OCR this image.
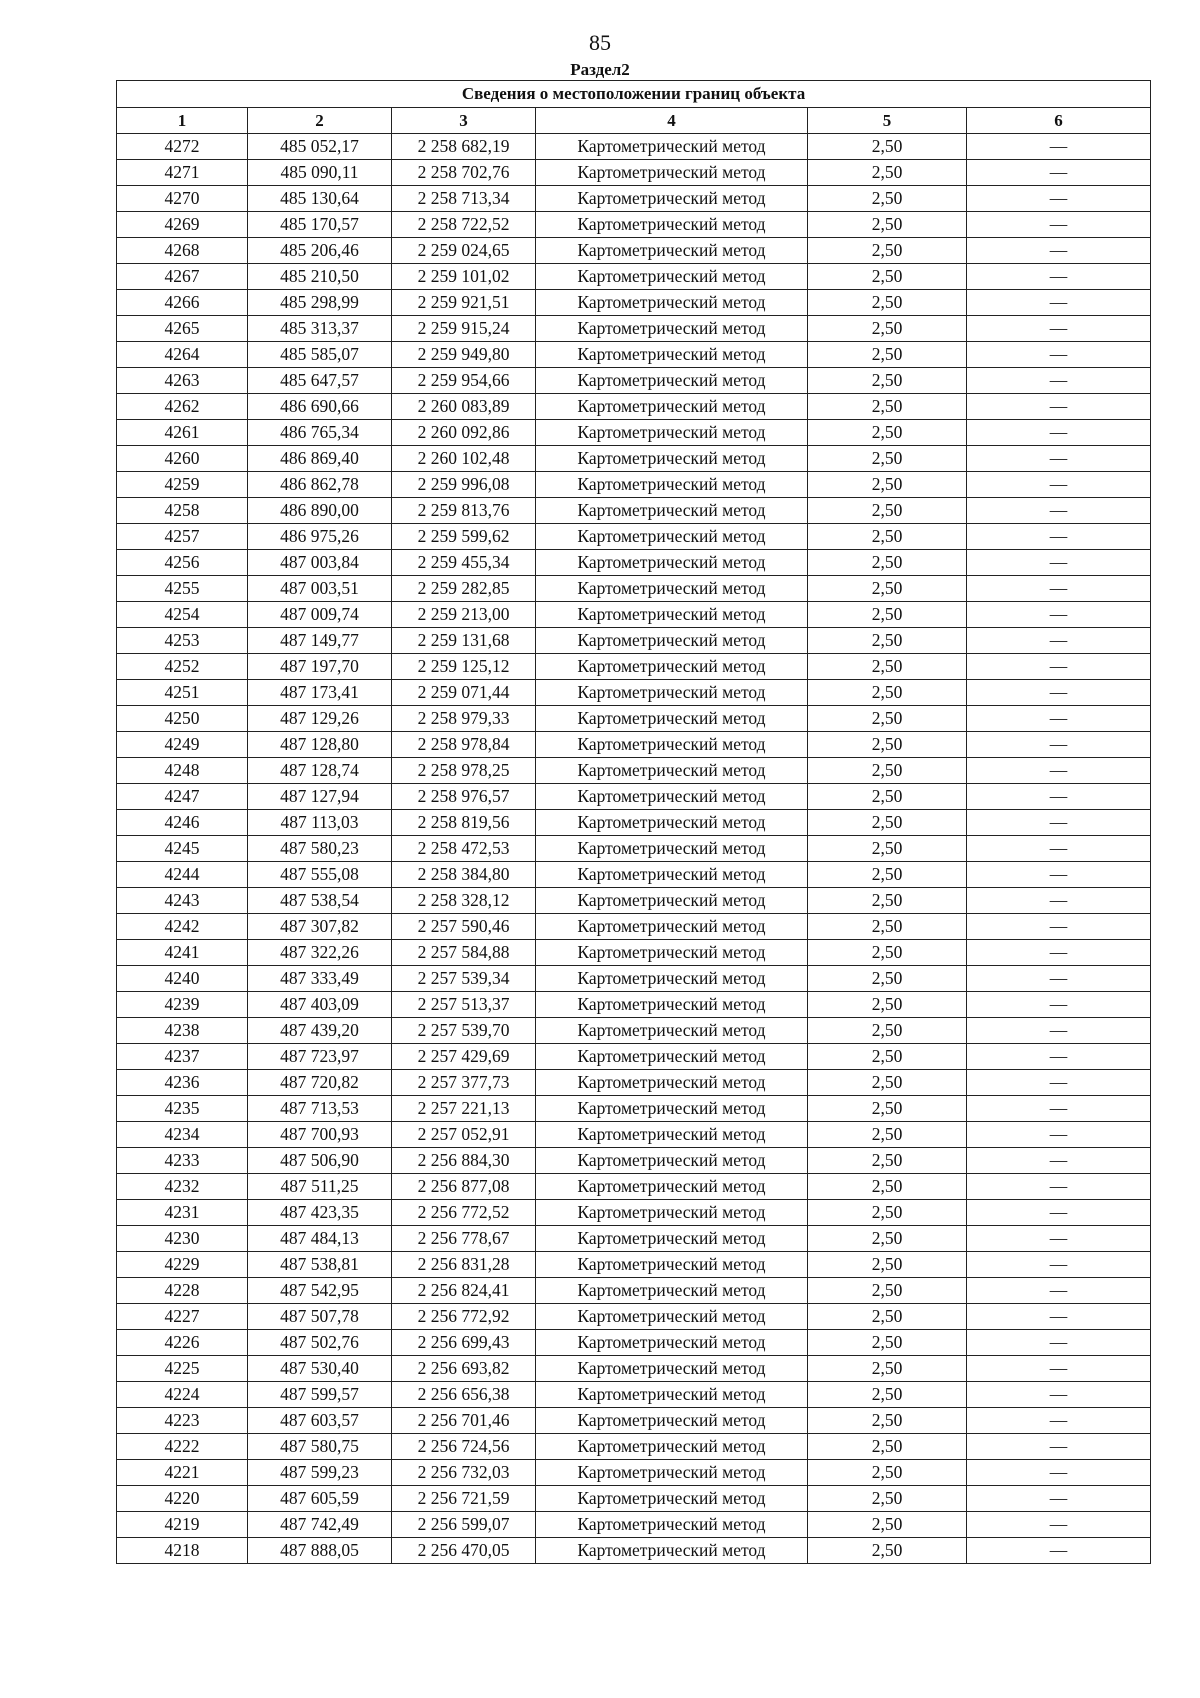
85
Раздел2
Сведения о местоположении границ объекта					
1	2	3	4	5	6
4272	485 052,17	2 258 682,19	Картометрический метод	2,50	—
4271	485 090,11	2 258 702,76	Картометрический метод	2,50	—
4270	485 130,64	2 258 713,34	Картометрический метод	2,50	—
4269	485 170,57	2 258 722,52	Картометрический метод	2,50	—
4268	485 206,46	2 259 024,65	Картометрический метод	2,50	—
4267	485 210,50	2 259 101,02	Картометрический метод	2,50	—
4266	485 298,99	2 259 921,51	Картометрический метод	2,50	—
4265	485 313,37	2 259 915,24	Картометрический метод	2,50	—
4264	485 585,07	2 259 949,80	Картометрический метод	2,50	—
4263	485 647,57	2 259 954,66	Картометрический метод	2,50	—
4262	486 690,66	2 260 083,89	Картометрический метод	2,50	—
4261	486 765,34	2 260 092,86	Картометрический метод	2,50	—
4260	486 869,40	2 260 102,48	Картометрический метод	2,50	—
4259	486 862,78	2 259 996,08	Картометрический метод	2,50	—
4258	486 890,00	2 259 813,76	Картометрический метод	2,50	—
4257	486 975,26	2 259 599,62	Картометрический метод	2,50	—
4256	487 003,84	2 259 455,34	Картометрический метод	2,50	—
4255	487 003,51	2 259 282,85	Картометрический метод	2,50	—
4254	487 009,74	2 259 213,00	Картометрический метод	2,50	—
4253	487 149,77	2 259 131,68	Картометрический метод	2,50	—
4252	487 197,70	2 259 125,12	Картометрический метод	2,50	—
4251	487 173,41	2 259 071,44	Картометрический метод	2,50	—
4250	487 129,26	2 258 979,33	Картометрический метод	2,50	—
4249	487 128,80	2 258 978,84	Картометрический метод	2,50	—
4248	487 128,74	2 258 978,25	Картометрический метод	2,50	—
4247	487 127,94	2 258 976,57	Картометрический метод	2,50	—
4246	487 113,03	2 258 819,56	Картометрический метод	2,50	—
4245	487 580,23	2 258 472,53	Картометрический метод	2,50	—
4244	487 555,08	2 258 384,80	Картометрический метод	2,50	—
4243	487 538,54	2 258 328,12	Картометрический метод	2,50	—
4242	487 307,82	2 257 590,46	Картометрический метод	2,50	—
4241	487 322,26	2 257 584,88	Картометрический метод	2,50	—
4240	487 333,49	2 257 539,34	Картометрический метод	2,50	—
4239	487 403,09	2 257 513,37	Картометрический метод	2,50	—
4238	487 439,20	2 257 539,70	Картометрический метод	2,50	—
4237	487 723,97	2 257 429,69	Картометрический метод	2,50	—
4236	487 720,82	2 257 377,73	Картометрический метод	2,50	—
4235	487 713,53	2 257 221,13	Картометрический метод	2,50	—
4234	487 700,93	2 257 052,91	Картометрический метод	2,50	—
4233	487 506,90	2 256 884,30	Картометрический метод	2,50	—
4232	487 511,25	2 256 877,08	Картометрический метод	2,50	—
4231	487 423,35	2 256 772,52	Картометрический метод	2,50	—
4230	487 484,13	2 256 778,67	Картометрический метод	2,50	—
4229	487 538,81	2 256 831,28	Картометрический метод	2,50	—
4228	487 542,95	2 256 824,41	Картометрический метод	2,50	—
4227	487 507,78	2 256 772,92	Картометрический метод	2,50	—
4226	487 502,76	2 256 699,43	Картометрический метод	2,50	—
4225	487 530,40	2 256 693,82	Картометрический метод	2,50	—
4224	487 599,57	2 256 656,38	Картометрический метод	2,50	—
4223	487 603,57	2 256 701,46	Картометрический метод	2,50	—
4222	487 580,75	2 256 724,56	Картометрический метод	2,50	—
4221	487 599,23	2 256 732,03	Картометрический метод	2,50	—
4220	487 605,59	2 256 721,59	Картометрический метод	2,50	—
4219	487 742,49	2 256 599,07	Картометрический метод	2,50	—
4218	487 888,05	2 256 470,05	Картометрический метод	2,50	—
